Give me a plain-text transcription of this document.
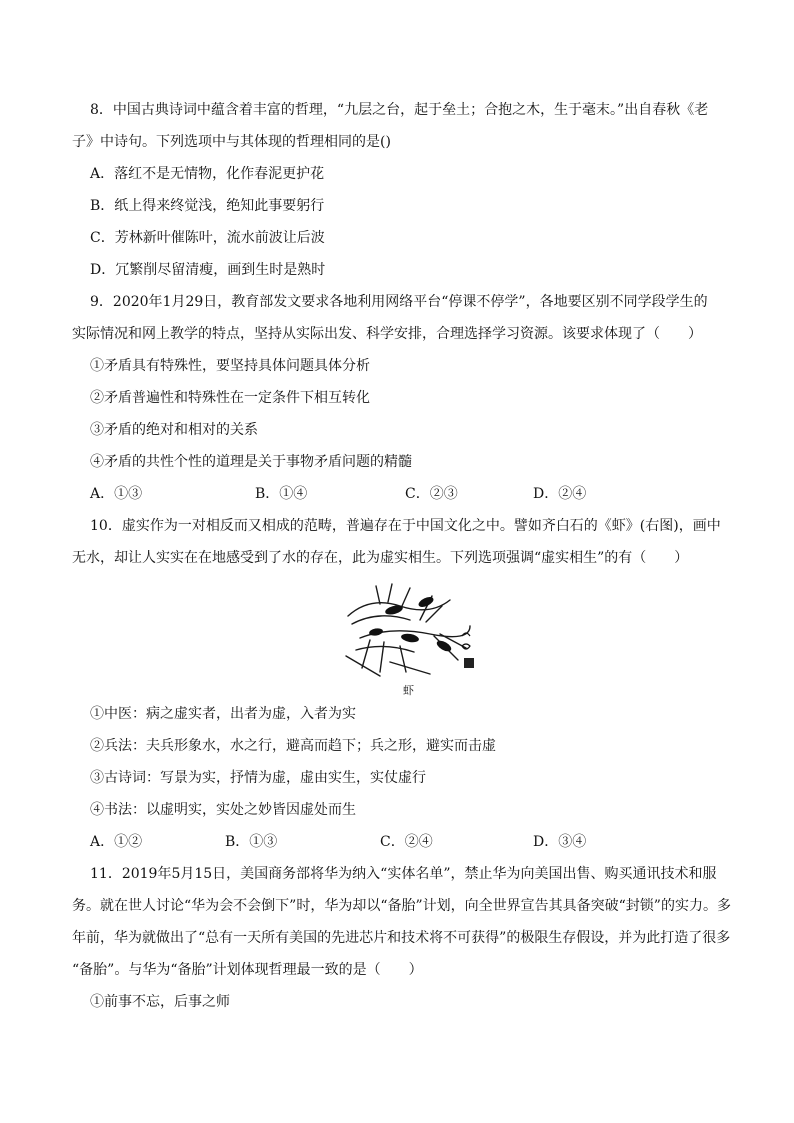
8．中国古典诗词中蕴含着丰富的哲理，“九层之台，起于垒土；合抱之木，生于毫末。”出自春秋《老
子》中诗句。下列选项中与其体现的哲理相同的是()
A．落红不是无情物，化作春泥更护花
B．纸上得来终觉浅，绝知此事要躬行
C．芳林新叶催陈叶，流水前波让后波
D．冗繁削尽留清瘦，画到生时是熟时
9．2020年1月29日，教育部发文要求各地利用网络平台“停课不停学”，各地要区别不同学段学生的
实际情况和网上教学的特点，坚持从实际出发、科学安排，合理选择学习资源。该要求体现了（　　）
①矛盾具有特殊性，要坚持具体问题具体分析
②矛盾普遍性和特殊性在一定条件下相互转化
③矛盾的绝对和相对的关系
④矛盾的共性个性的道理是关于事物矛盾问题的精髓
A．①③	B．①④	C．②③	D．②④
10．虚实作为一对相反而又相成的范畴，普遍存在于中国文化之中。譬如齐白石的《虾》(右图)，画中
无水，却让人实实在在地感受到了水的存在，此为虚实相生。下列选项强调“虚实相生”的有（　　）
虾
①中医：病之虚实者，出者为虚，入者为实
②兵法：夫兵形象水，水之行，避高而趋下；兵之形，避实而击虚
③古诗词：写景为实，抒情为虚，虚由实生，实仗虚行
④书法：以虚明实，实处之妙皆因虚处而生
A．①②	B．①③	C．②④	D．③④
11．2019年5月15日，美国商务部将华为纳入“实体名单”，禁止华为向美国出售、购买通讯技术和服
务。就在世人讨论“华为会不会倒下”时，华为却以“备胎”计划，向全世界宣告其具备突破“封锁”的实力。多
年前，华为就做出了“总有一天所有美国的先进芯片和技术将不可获得”的极限生存假设，并为此打造了很多
“备胎”。与华为“备胎”计划体现哲理最一致的是（　　）
①前事不忘，后事之师
